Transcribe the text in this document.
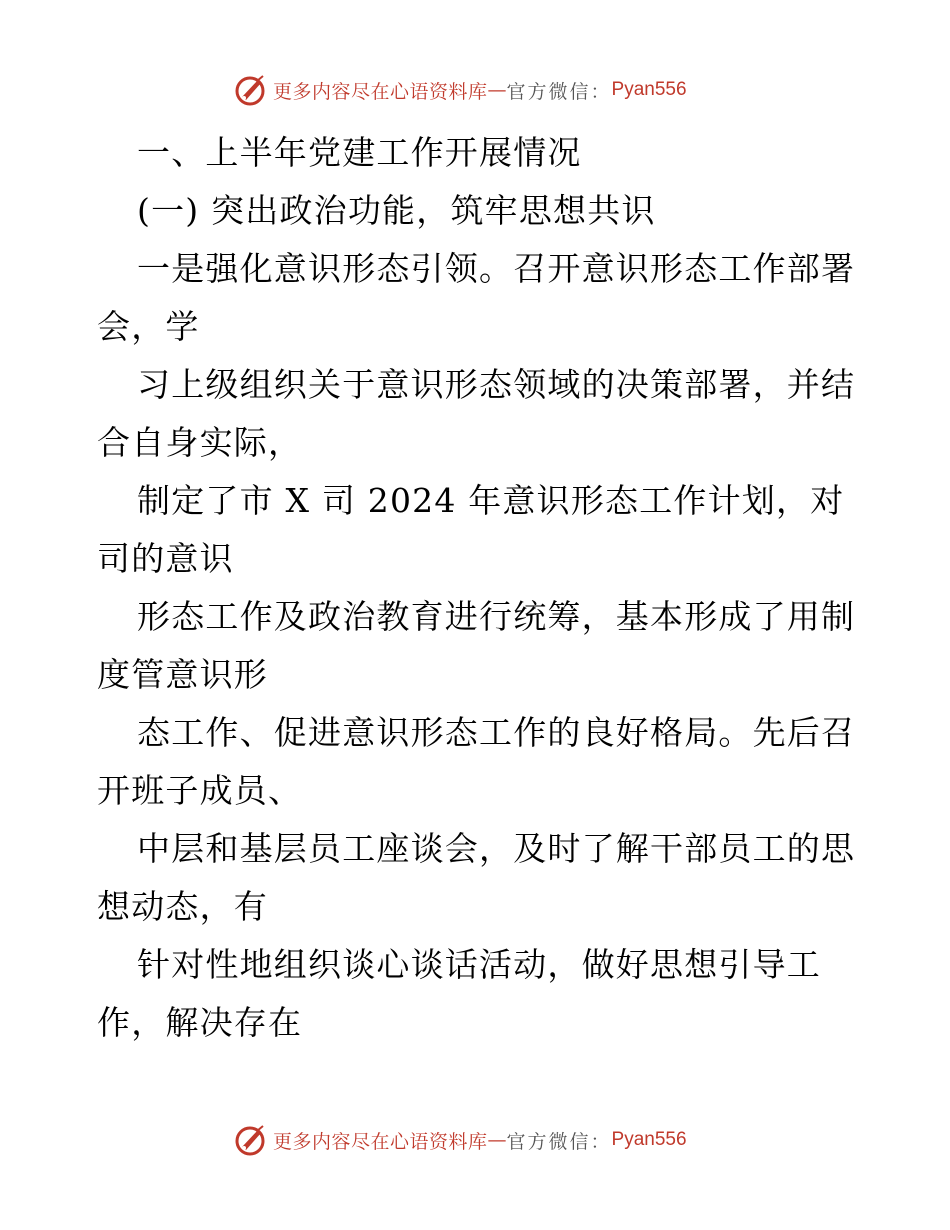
更多内容尽在心语资料库 — 官方微信： Pyan556
一、上半年党建工作开展情况
(一) 突出政治功能，筑牢思想共识
一是强化意识形态引领。召开意识形态工作部署
会，学
习上级组织关于意识形态领域的决策部署，并结
合自身实际，
制定了市 X 司 2024 年意识形态工作计划，对
司的意识
形态工作及政治教育进行统筹，基本形成了用制
度管意识形
态工作、促进意识形态工作的良好格局。先后召
开班子成员、
中层和基层员工座谈会，及时了解干部员工的思
想动态，有
针对性地组织谈心谈话活动，做好思想引导工
作，解决存在
更多内容尽在心语资料库 — 官方微信： Pyan556
